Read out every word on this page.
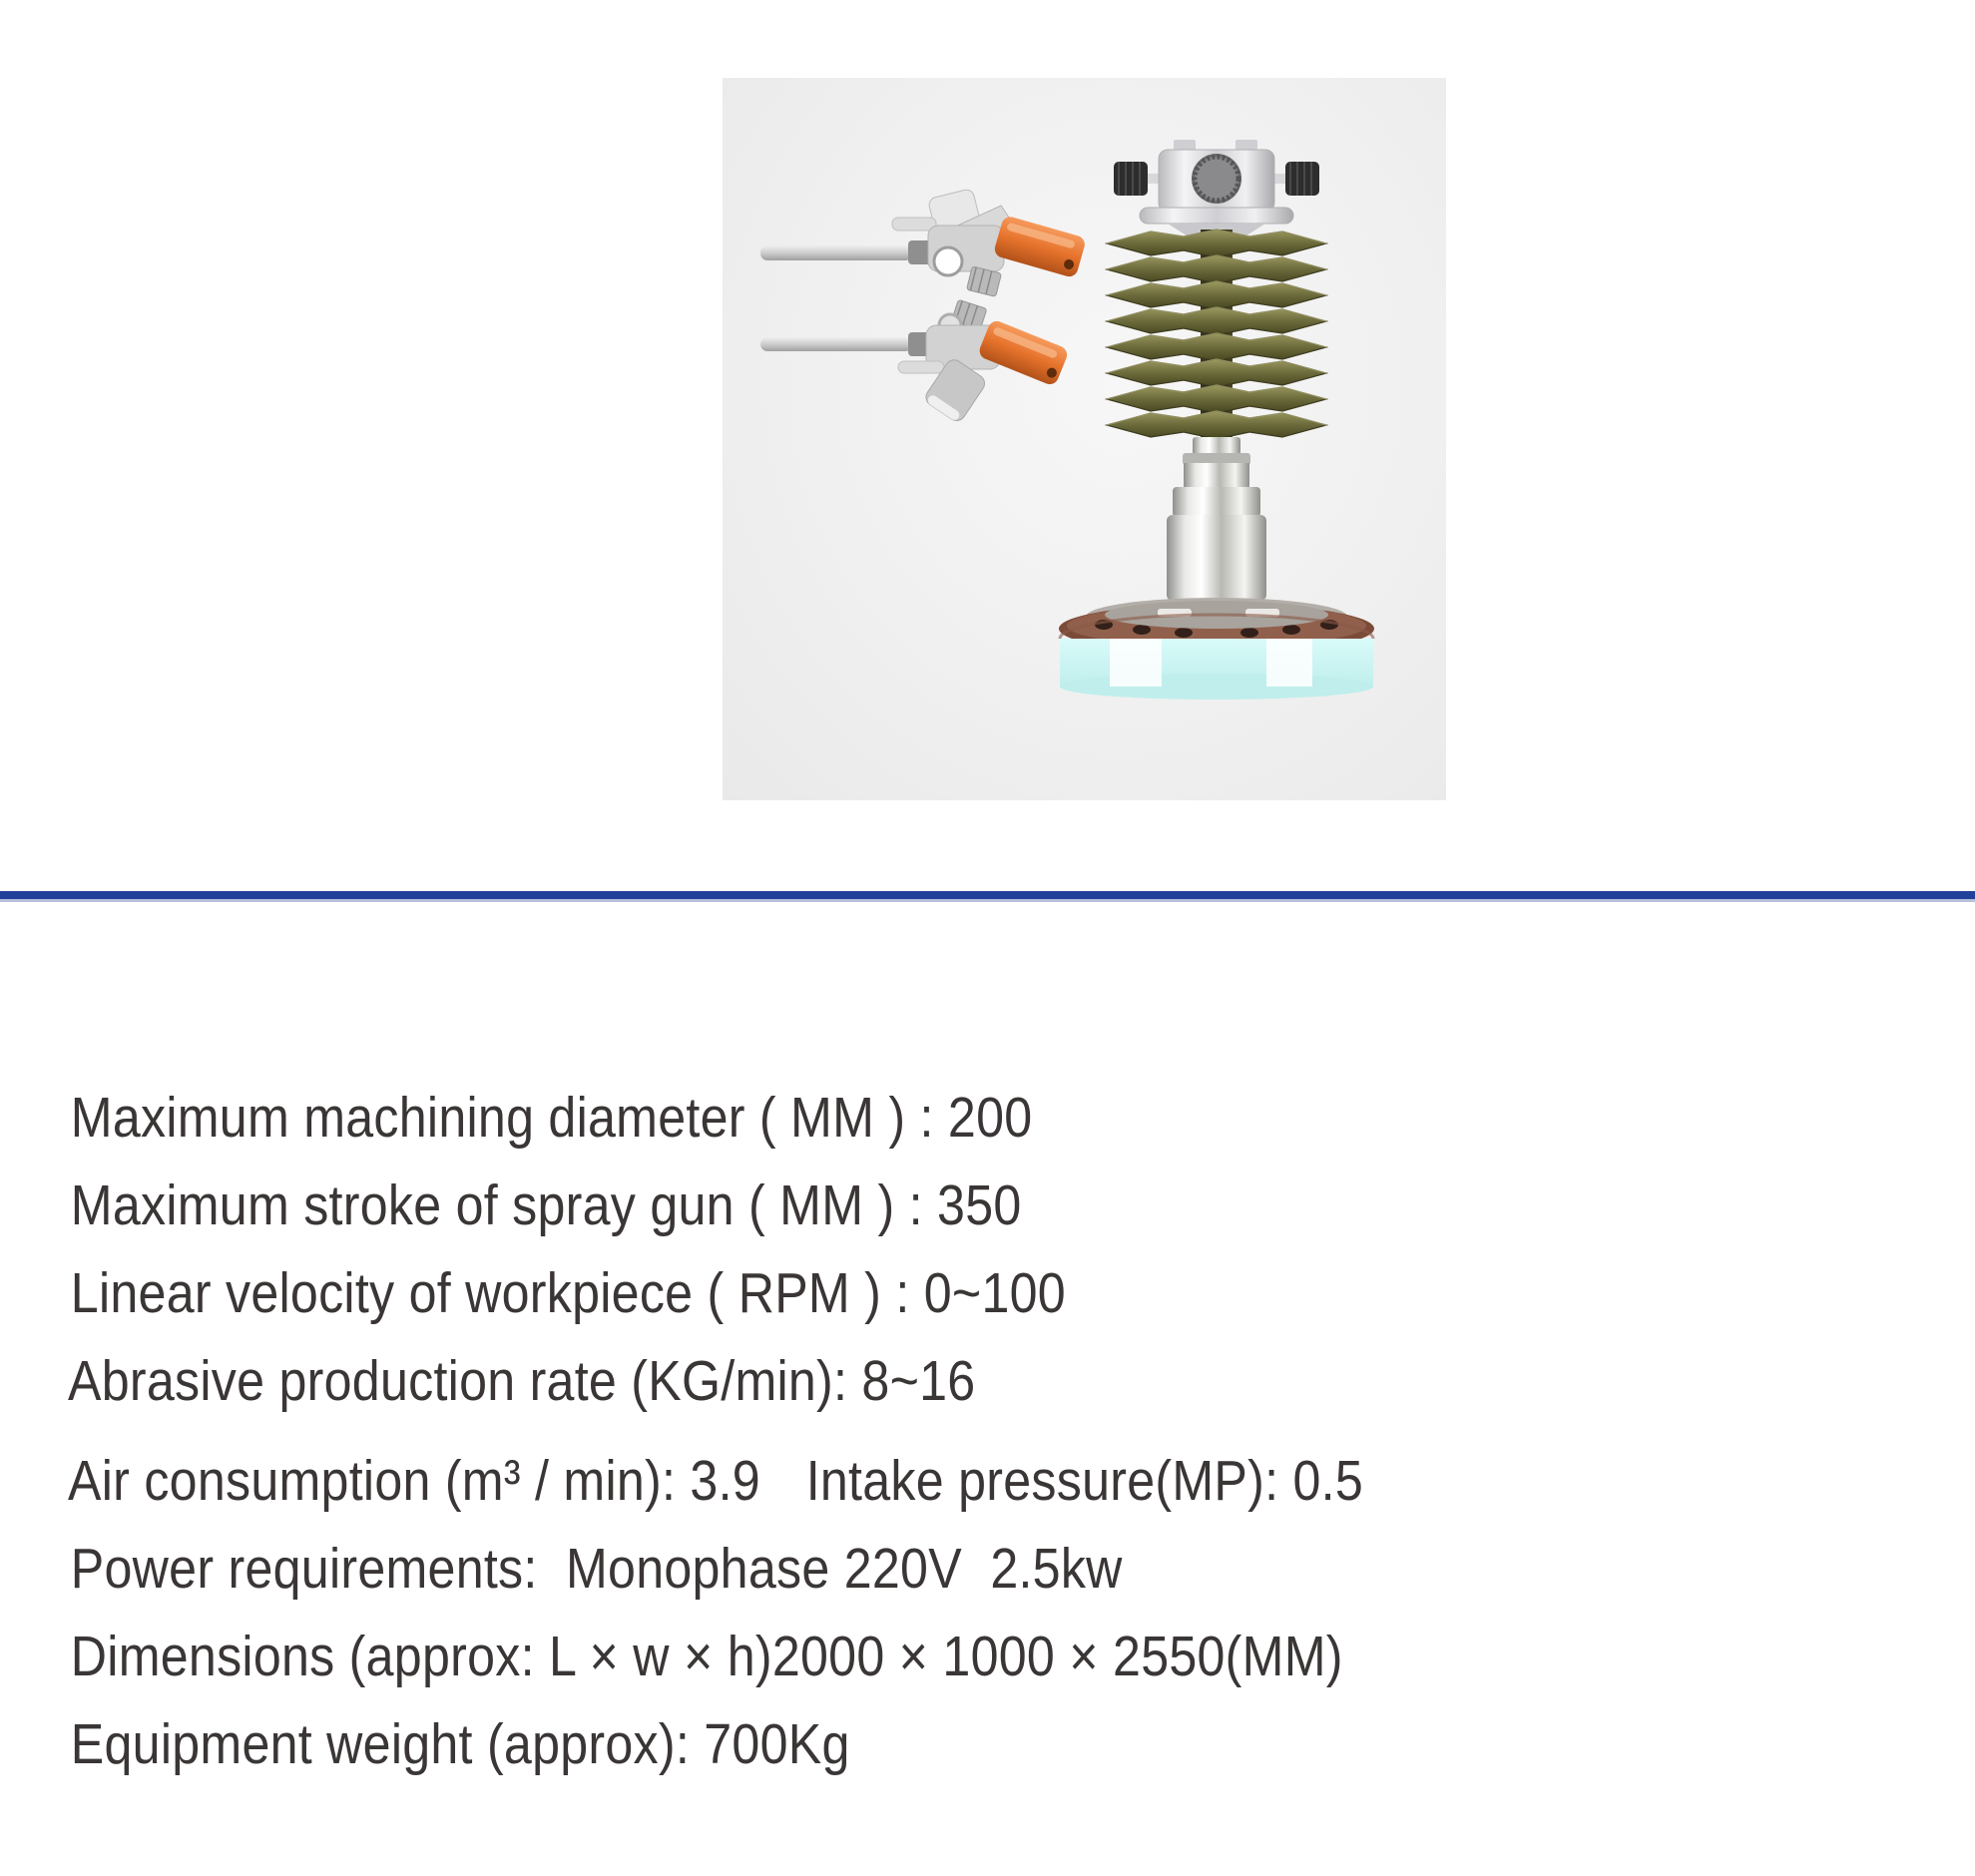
Maximum machining diameter ( MM ) : 200

Maximum stroke of spray gun ( MM ) : 350

Linear velocity of workpiece ( RPM ) : 0~100

Abrasive production rate (KG/min): 8~16

Air consumption (m³ / min): 3.9 Intake pressure(MP): 0.5

Power requirements:  Monophase 220V  2.5kw

Dimensions (approx: L × w × h)2000 × 1000 × 2550(MM)

Equipment weight (approx): 700Kg
